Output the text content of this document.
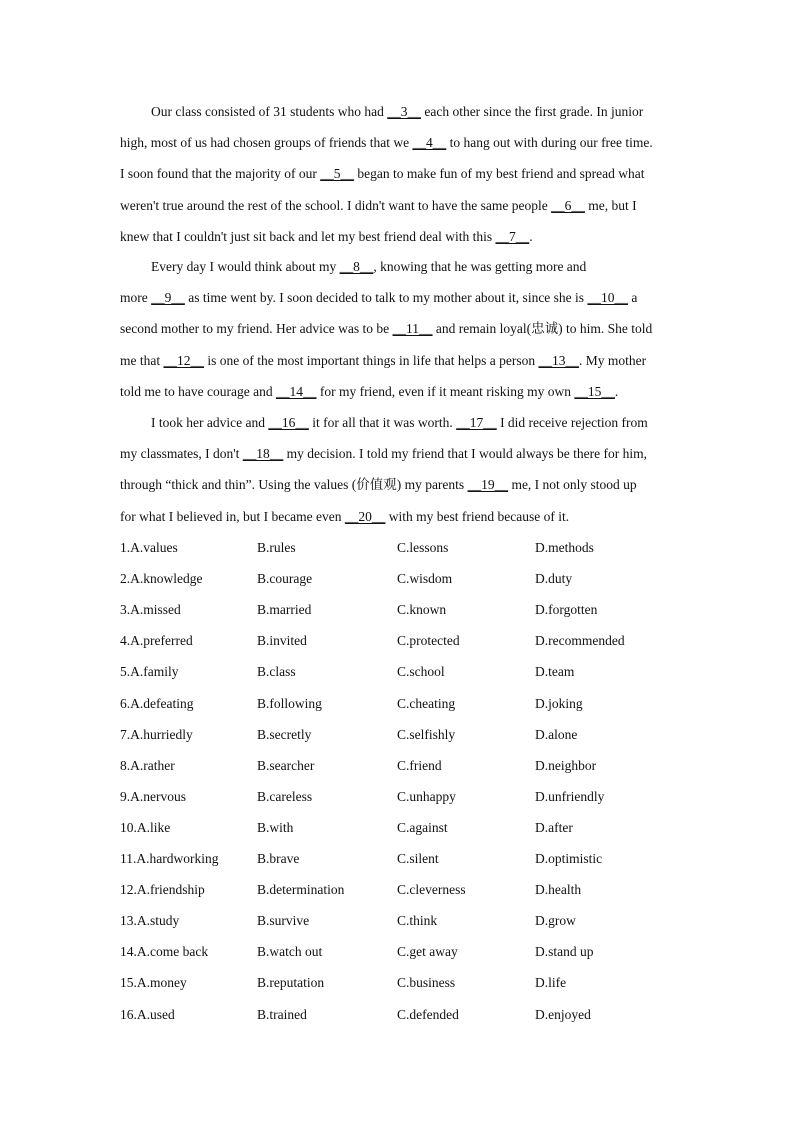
Our class consisted of 31 students who had __3__ each other since the first grade. In junior
high, most of us had chosen groups of friends that we __4__ to hang out with during our free time.
I soon found that the majority of our __5__ began to make fun of my best friend and spread what
weren't true around the rest of the school. I didn't want to have the same people __6__ me, but I
knew that I couldn't just sit back and let my best friend deal with this __7__.
Every day I would think about my __8__, knowing that he was getting more and
more __9__ as time went by. I soon decided to talk to my mother about it, since she is __10__ a
second mother to my friend. Her advice was to be __11__ and remain loyal(忠诚) to him. She told
me that __12__ is one of the most important things in life that helps a person __13__. My mother
told me to have courage and __14__ for my friend, even if it meant risking my own __15__.
I took her advice and __16__ it for all that it was worth. __17__ I did receive rejection from
my classmates, I don't __18__ my decision. I told my friend that I would always be there for him,
through “thick and thin”. Using the values (价值观) my parents __19__ me, I not only stood up
for what I believed in, but I became even __20__ with my best friend because of it.
1.A.values	B.rules	C.lessons	D.methods
2.A.knowledge	B.courage	C.wisdom	D.duty
3.A.missed	B.married	C.known	D.forgotten
4.A.preferred	B.invited	C.protected	D.recommended
5.A.family	B.class	C.school	D.team
6.A.defeating	B.following	C.cheating	D.joking
7.A.hurriedly	B.secretly	C.selfishly	D.alone
8.A.rather	B.searcher	C.friend	D.neighbor
9.A.nervous	B.careless	C.unhappy	D.unfriendly
10.A.like	B.with	C.against	D.after
11.A.hardworking	B.brave	C.silent	D.optimistic
12.A.friendship	B.determination	C.cleverness	D.health
13.A.study	B.survive	C.think	D.grow
14.A.come back	B.watch out	C.get away	D.stand up
15.A.money	B.reputation	C.business	D.life
16.A.used	B.trained	C.defended	D.enjoyed
